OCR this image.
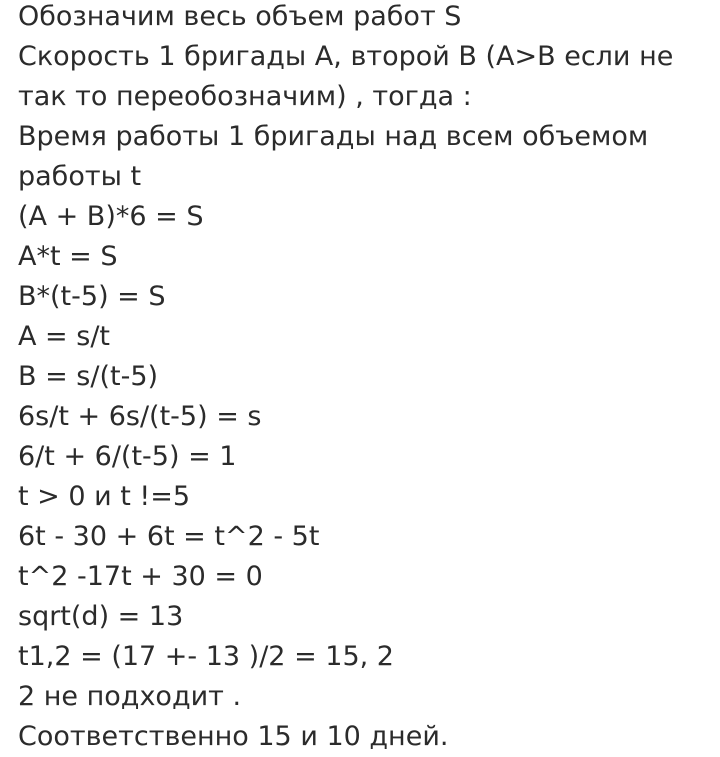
Обозначим весь объем работ S
Скорость 1 бригады А, второй В (A>B если не
так то переобозначим) , тогда :
Время работы 1 бригады над всем объемом
работы t
(A + B)*6 = S
A*t = S
B*(t-5) = S
A = s/t
B = s/(t-5)
6s/t + 6s/(t-5) = s
6/t + 6/(t-5) = 1
t > 0 и t !=5
6t - 30 + 6t = t^2 - 5t
t^2 -17t + 30 = 0
sqrt(d) = 13
t1,2 = (17 +- 13 )/2 = 15, 2
2 не подходит .
Соответственно 15 и 10 дней.
